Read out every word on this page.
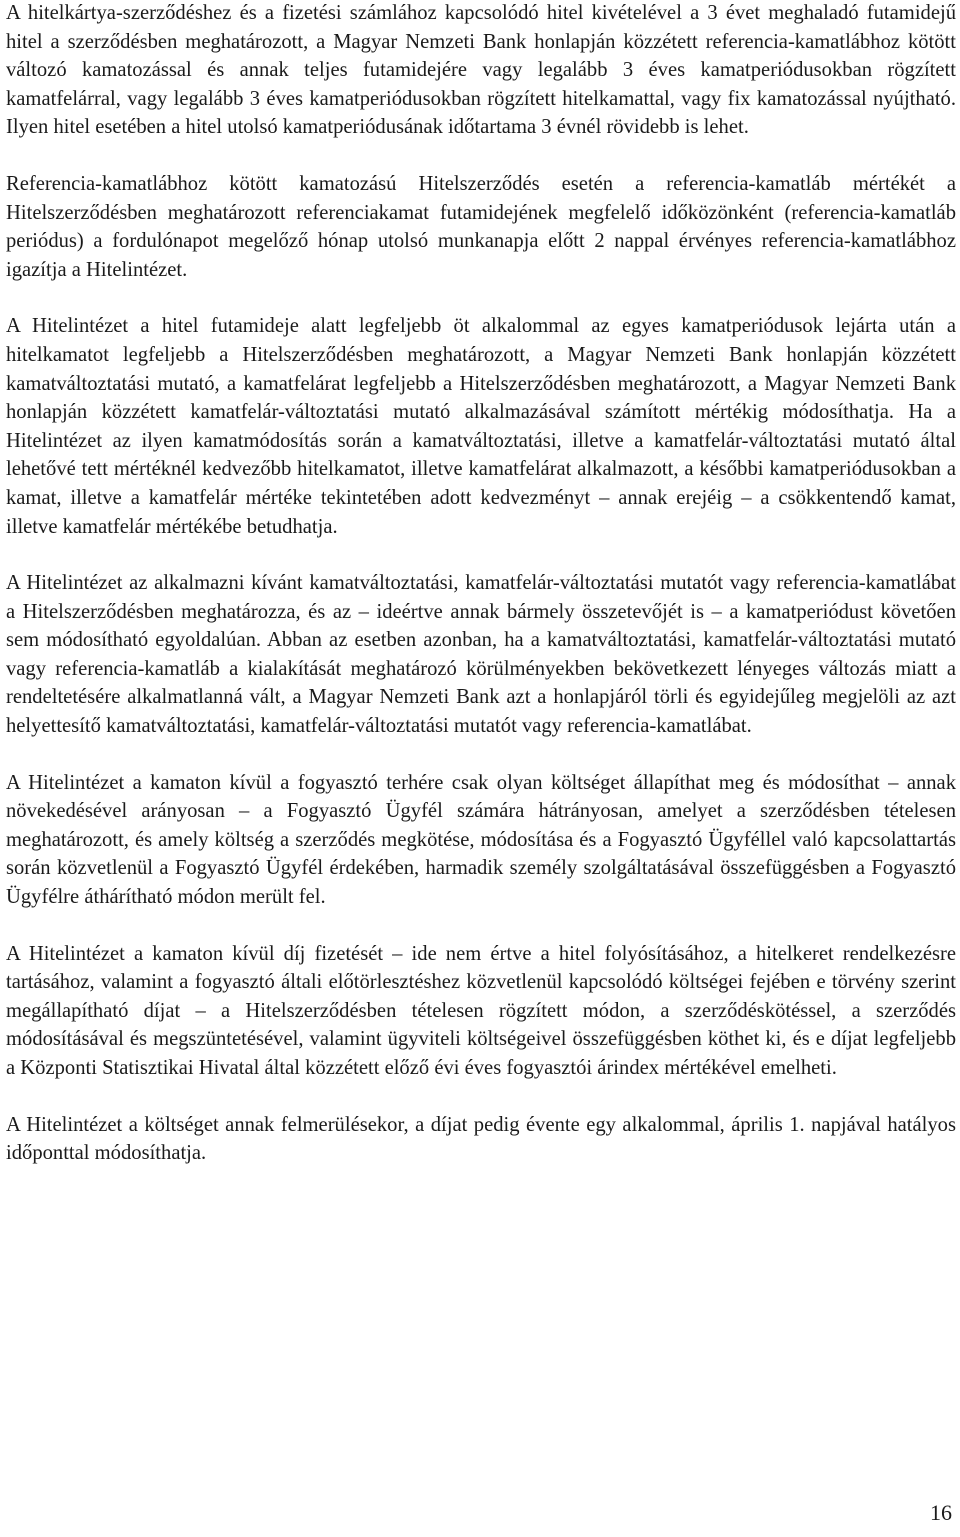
A hitelkártya-szerződéshez és a fizetési számlához kapcsolódó hitel kivételével a 3 évet meghaladó futamidejű hitel a szerződésben meghatározott, a Magyar Nemzeti Bank honlapján közzétett referencia-kamatlábhoz kötött változó kamatozással és annak teljes futamidejére vagy legalább 3 éves kamatperiódusokban rögzített kamatfelárral, vagy legalább 3 éves kamatperiódusokban rögzített hitelkamattal, vagy fix kamatozással nyújtható. Ilyen hitel esetében a hitel utolsó kamatperiódusának időtartama 3 évnél rövidebb is lehet.

Referencia-kamatlábhoz kötött kamatozású Hitelszerződés esetén a referencia-kamatláb mértékét a Hitelszerződésben meghatározott referenciakamat futamidejének megfelelő időközönként (referencia-kamatláb periódus) a fordulónapot megelőző hónap utolsó munkanapja előtt 2 nappal érvényes referencia-kamatlábhoz igazítja a Hitelintézet.

A Hitelintézet a hitel futamideje alatt legfeljebb öt alkalommal az egyes kamatperiódusok lejárta után a hitelkamatot legfeljebb a Hitelszerződésben meghatározott, a Magyar Nemzeti Bank honlapján közzétett kamatváltoztatási mutató, a kamatfelárat legfeljebb a Hitelszerződésben meghatározott, a Magyar Nemzeti Bank honlapján közzétett kamatfelár-változtatási mutató alkalmazásával számított mértékig módosíthatja. Ha a Hitelintézet az ilyen kamatmódosítás során a kamatváltoztatási, illetve a kamatfelár-változtatási mutató által lehetővé tett mértéknél kedvezőbb hitelkamatot, illetve kamatfelárat alkalmazott, a későbbi kamatperiódusokban a kamat, illetve a kamatfelár mértéke tekintetében adott kedvezményt – annak erejéig – a csökkentendő kamat, illetve kamatfelár mértékébe betudhatja.

A Hitelintézet az alkalmazni kívánt kamatváltoztatási, kamatfelár-változtatási mutatót vagy referencia-kamatlábat a Hitelszerződésben meghatározza, és az – ideértve annak bármely összetevőjét is – a kamatperiódust követően sem módosítható egyoldalúan. Abban az esetben azonban, ha a kamatváltoztatási, kamatfelár-változtatási mutató vagy referencia-kamatláb a kialakítását meghatározó körülményekben bekövetkezett lényeges változás miatt a rendeltetésére alkalmatlanná vált, a Magyar Nemzeti Bank azt a honlapjáról törli és egyidejűleg megjelöli az azt helyettesítő kamatváltoztatási, kamatfelár-változtatási mutatót vagy referencia-kamatlábat.

A Hitelintézet a kamaton kívül a fogyasztó terhére csak olyan költséget állapíthat meg és módosíthat – annak növekedésével arányosan – a Fogyasztó Ügyfél számára hátrányosan, amelyet a szerződésben tételesen meghatározott, és amely költség a szerződés megkötése, módosítása és a Fogyasztó Ügyféllel való kapcsolattartás során közvetlenül a Fogyasztó Ügyfél érdekében, harmadik személy szolgáltatásával összefüggésben a Fogyasztó Ügyfélre áthárítható módon merült fel.

A Hitelintézet a kamaton kívül díj fizetését – ide nem értve a hitel folyósításához, a hitelkeret rendelkezésre tartásához, valamint a fogyasztó általi előtörlesztéshez közvetlenül kapcsolódó költségei fejében e törvény szerint megállapítható díjat – a Hitelszerződésben tételesen rögzített módon, a szerződéskötéssel, a szerződés módosításával és megszüntetésével, valamint ügyviteli költségeivel összefüggésben köthet ki, és e díjat legfeljebb a Központi Statisztikai Hivatal által közzétett előző évi éves fogyasztói árindex mértékével emelheti.

A Hitelintézet a költséget annak felmerülésekor, a díjat pedig évente egy alkalommal, április 1. napjával hatályos időponttal módosíthatja.

16
